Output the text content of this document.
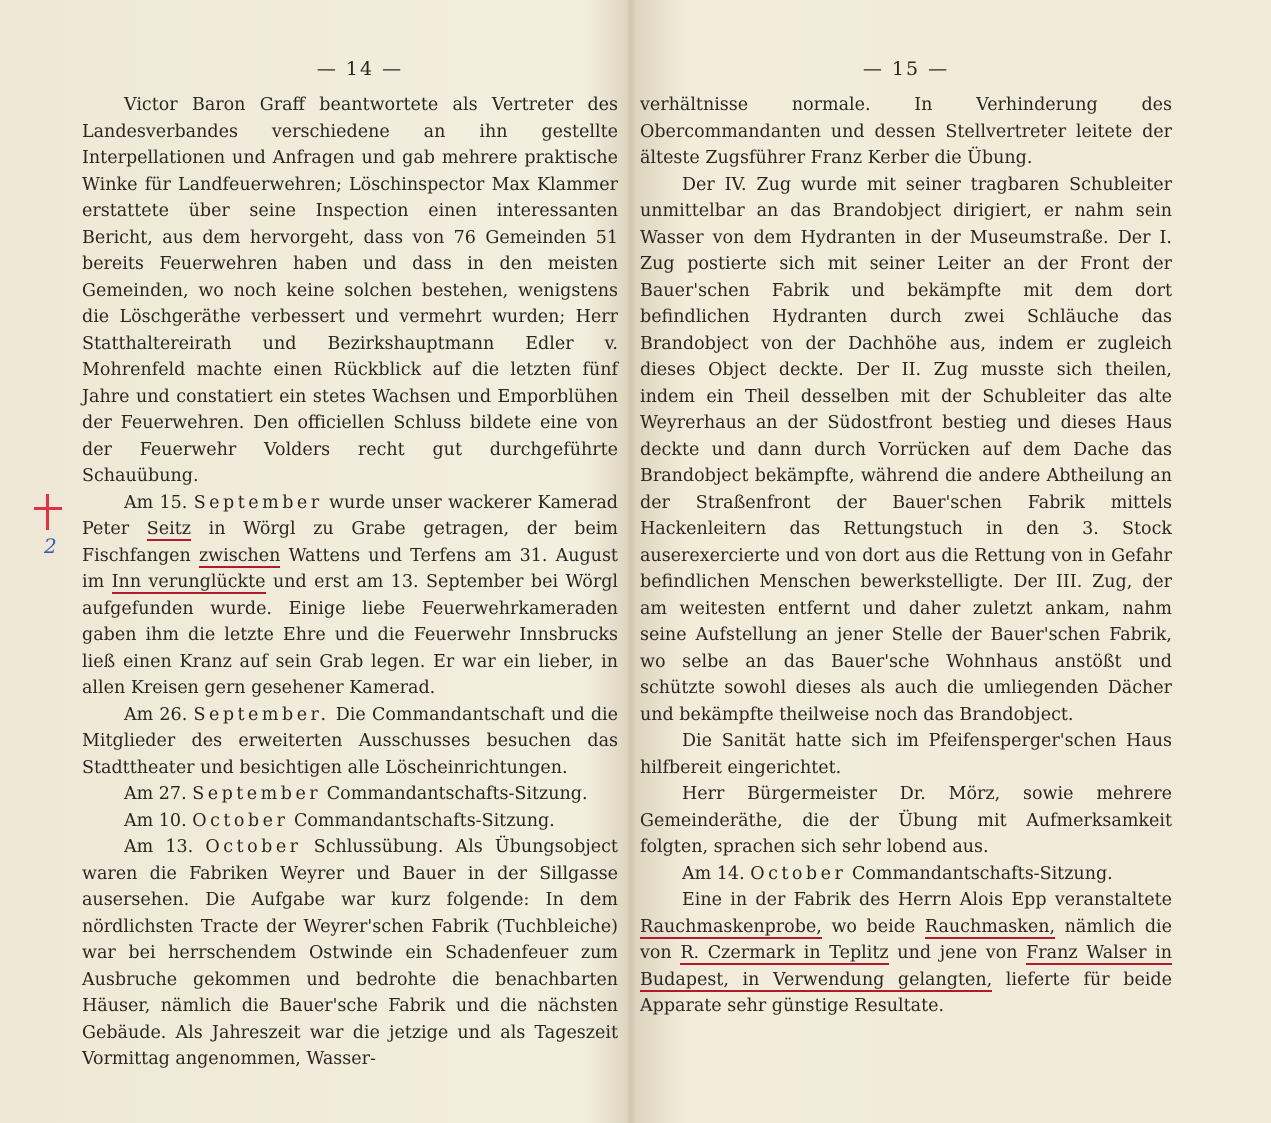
2
— 14 —

Victor Baron Graff beantwortete als Vertreter des Landesverbandes verschiedene an ihn gestellte Interpellationen und Anfragen und gab mehrere praktische Winke für Landfeuerwehren; Löschinspector Max Klammer erstattete über seine Inspection einen interessanten Bericht, aus dem hervorgeht, dass von 76 Gemeinden 51 bereits Feuerwehren haben und dass in den meisten Gemeinden, wo noch keine solchen bestehen, wenigstens die Löschgeräthe verbessert und vermehrt wurden; Herr Statthaltereirath und Bezirkshauptmann Edler v. Mohrenfeld machte einen Rückblick auf die letzten fünf Jahre und constatiert ein stetes Wachsen und Emporblühen der Feuerwehren. Den officiellen Schluss bildete eine von der Feuerwehr Volders recht gut durchgeführte Schauübung.

Am 15. September wurde unser wackerer Kamerad Peter Seitz in Wörgl zu Grabe getragen, der beim Fischfangen zwischen Wattens und Terfens am 31. August im Inn verunglückte und erst am 13. September bei Wörgl aufgefunden wurde. Einige liebe Feuerwehrkameraden gaben ihm die letzte Ehre und die Feuerwehr Innsbrucks ließ einen Kranz auf sein Grab legen. Er war ein lieber, in allen Kreisen gern gesehener Kamerad.

Am 26. September. Die Commandantschaft und die Mitglieder des erweiterten Ausschusses besuchen das Stadttheater und besichtigen alle Löscheinrichtungen.

Am 27. September Commandantschafts-Sitzung.

Am 10. October Commandantschafts-Sitzung.

Am 13. October Schlussübung. Als Übungsobject waren die Fabriken Weyrer und Bauer in der Sillgasse ausersehen. Die Aufgabe war kurz folgende: In dem nördlichsten Tracte der Weyrer'schen Fabrik (Tuchbleiche) war bei herrschendem Ostwinde ein Schadenfeuer zum Ausbruche gekommen und bedrohte die benachbarten Häuser, nämlich die Bauer'sche Fabrik und die nächsten Gebäude. Als Jahreszeit war die jetzige und als Tageszeit Vormittag angenommen, Wasser-

— 15 —

verhältnisse normale. In Verhinderung des Obercommandanten und dessen Stellvertreter leitete der älteste Zugsführer Franz Kerber die Übung.

Der IV. Zug wurde mit seiner tragbaren Schubleiter unmittelbar an das Brandobject dirigiert, er nahm sein Wasser von dem Hydranten in der Museumstraße. Der I. Zug postierte sich mit seiner Leiter an der Front der Bauer'schen Fabrik und bekämpfte mit dem dort befindlichen Hydranten durch zwei Schläuche das Brandobject von der Dachhöhe aus, indem er zugleich dieses Object deckte. Der II. Zug musste sich theilen, indem ein Theil desselben mit der Schubleiter das alte Weyrerhaus an der Südostfront bestieg und dieses Haus deckte und dann durch Vorrücken auf dem Dache das Brandobject bekämpfte, während die andere Abtheilung an der Straßenfront der Bauer'schen Fabrik mittels Hackenleitern das Rettungstuch in den 3. Stock auserexercierte und von dort aus die Rettung von in Gefahr befindlichen Menschen bewerkstelligte. Der III. Zug, der am weitesten entfernt und daher zuletzt ankam, nahm seine Aufstellung an jener Stelle der Bauer'schen Fabrik, wo selbe an das Bauer'sche Wohnhaus anstößt und schützte sowohl dieses als auch die umliegenden Dächer und bekämpfte theilweise noch das Brandobject.

Die Sanität hatte sich im Pfeifensperger'schen Haus hilfbereit eingerichtet.

Herr Bürgermeister Dr. Mörz, sowie mehrere Gemeinderäthe, die der Übung mit Aufmerksamkeit folgten, sprachen sich sehr lobend aus.

Am 14. October Commandantschafts-Sitzung.

Eine in der Fabrik des Herrn Alois Epp veranstaltete Rauchmaskenprobe, wo beide Rauchmasken, nämlich die von R. Czermark in Teplitz und jene von Franz Walser in Budapest, in Verwendung gelangten, lieferte für beide Apparate sehr günstige Resultate.
